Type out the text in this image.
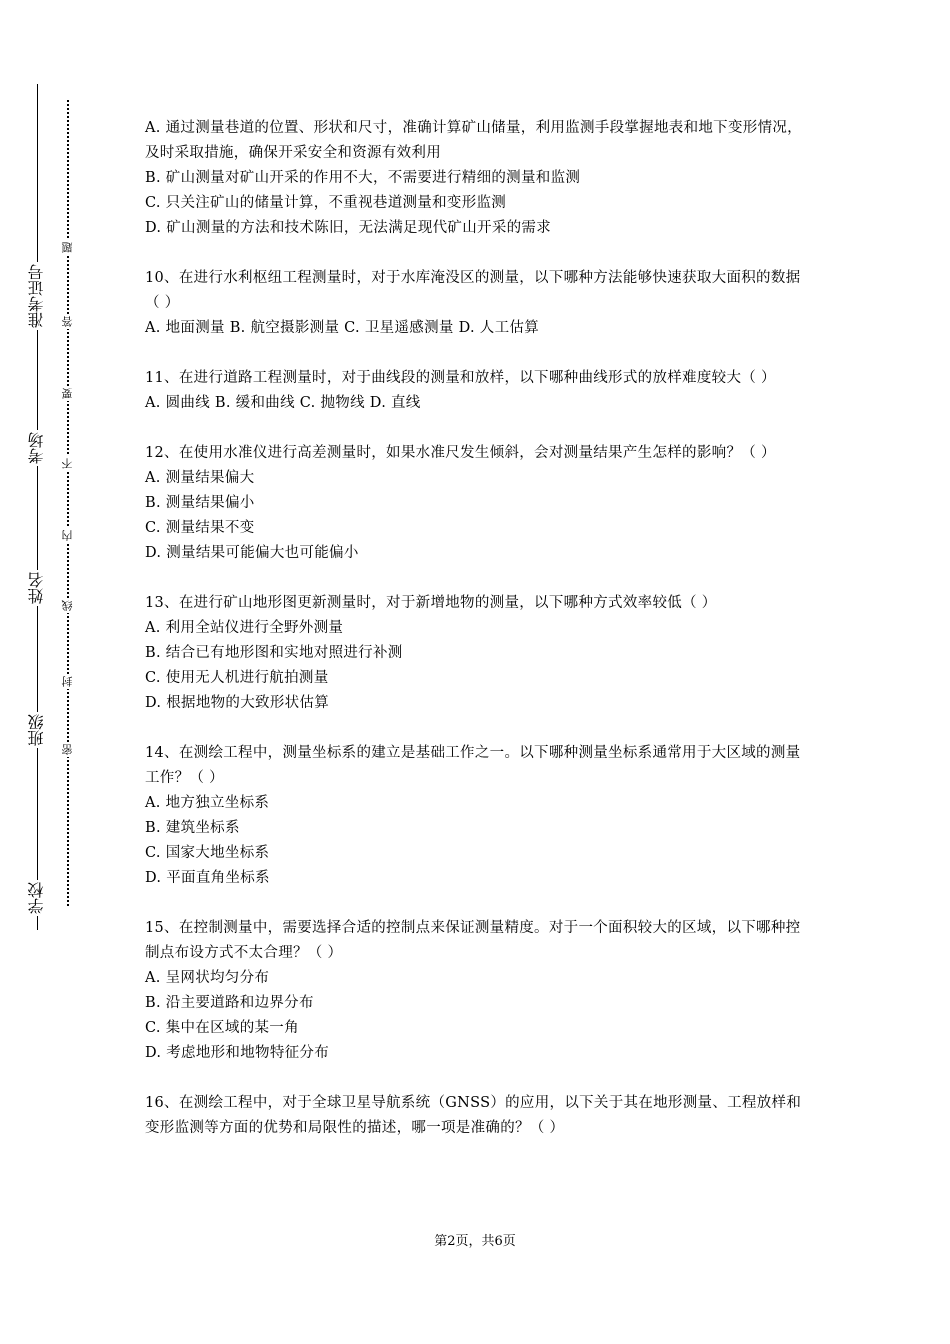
学校
班级
姓名
考场
准考证号
密
封
线
内
不
要
答
题

A. 通过测量巷道的位置、形状和尺寸，准确计算矿山储量，利用监测手段掌握地表和地下变形情况，及时采取措施，确保开采安全和资源有效利用

B. 矿山测量对矿山开采的作用不大，不需要进行精细的测量和监测

C. 只关注矿山的储量计算，不重视巷道测量和变形监测

D. 矿山测量的方法和技术陈旧，无法满足现代矿山开采的需求

10、在进行水利枢纽工程测量时，对于水库淹没区的测量，以下哪种方法能够快速获取大面积的数据（ ）

A. 地面测量 B. 航空摄影测量 C. 卫星遥感测量 D. 人工估算

11、在进行道路工程测量时，对于曲线段的测量和放样，以下哪种曲线形式的放样难度较大（ ）

A. 圆曲线 B. 缓和曲线 C. 抛物线 D. 直线

12、在使用水准仪进行高差测量时，如果水准尺发生倾斜，会对测量结果产生怎样的影响？（ ）

A. 测量结果偏大

B. 测量结果偏小

C. 测量结果不变

D. 测量结果可能偏大也可能偏小

13、在进行矿山地形图更新测量时，对于新增地物的测量，以下哪种方式效率较低（ ）

A. 利用全站仪进行全野外测量

B. 结合已有地形图和实地对照进行补测

C. 使用无人机进行航拍测量

D. 根据地物的大致形状估算

14、在测绘工程中，测量坐标系的建立是基础工作之一。以下哪种测量坐标系通常用于大区域的测量工作？（ ）

A. 地方独立坐标系

B. 建筑坐标系

C. 国家大地坐标系

D. 平面直角坐标系

15、在控制测量中，需要选择合适的控制点来保证测量精度。对于一个面积较大的区域，以下哪种控制点布设方式不太合理？（ ）

A. 呈网状均匀分布

B. 沿主要道路和边界分布

C. 集中在区域的某一角

D. 考虑地形和地物特征分布

16、在测绘工程中，对于全球卫星导航系统（GNSS）的应用，以下关于其在地形测量、工程放样和变形监测等方面的优势和局限性的描述，哪一项是准确的？（ ）

第2页，共6页
